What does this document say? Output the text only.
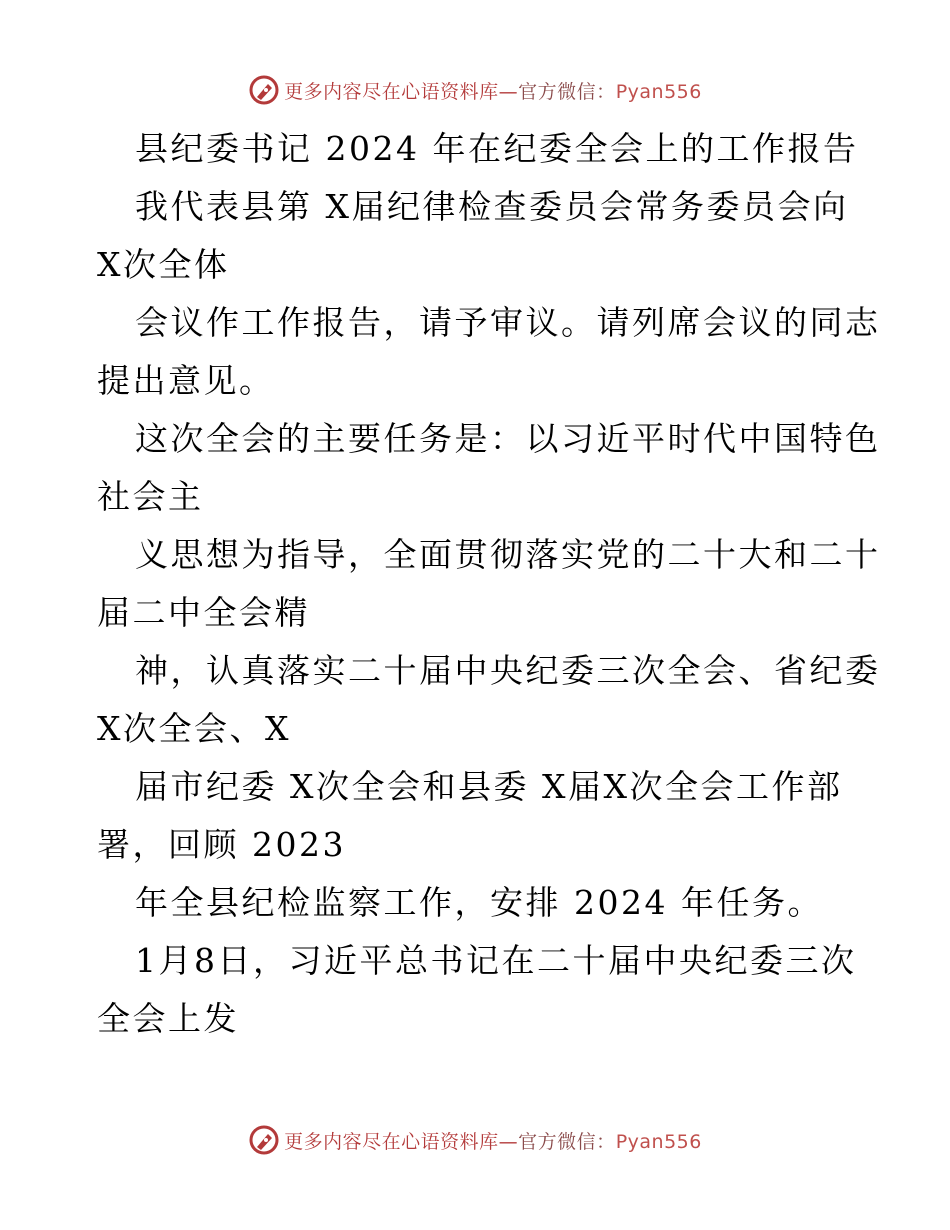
更多内容尽在心语资料库—官方微信：Pyan556
县纪委书记 2024 年在纪委全会上的工作报告
我代表县第 X届纪律检查委员会常务委员会向
X次全体
会议作工作报告，请予审议。请列席会议的同志
提出意见。
这次全会的主要任务是：以习近平时代中国特色
社会主
义思想为指导，全面贯彻落实党的二十大和二十
届二中全会精
神，认真落实二十届中央纪委三次全会、省纪委
X次全会、X
届市纪委 X次全会和县委 X届X次全会工作部
署，回顾 2023
年全县纪检监察工作，安排 2024 年任务。
1月8日，习近平总书记在二十届中央纪委三次
全会上发
更多内容尽在心语资料库—官方微信：Pyan556
